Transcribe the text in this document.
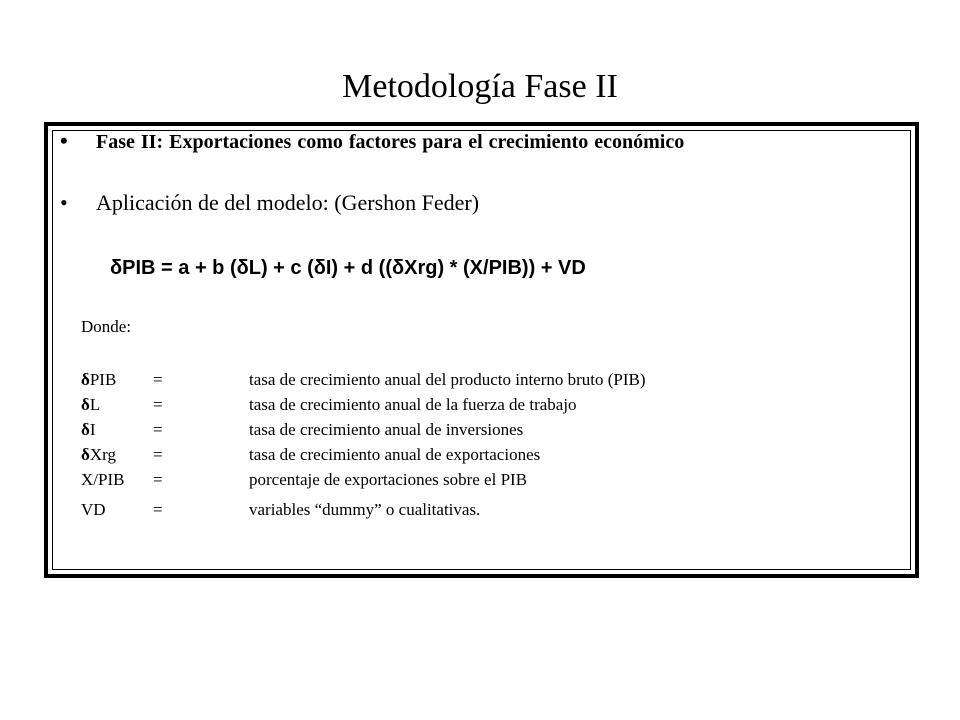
Metodología Fase II
•	Fase II: Exportaciones como factores para el crecimiento económico
•	Aplicación de del modelo: (Gershon Feder)
δPIB = a + b (δL) + c (δI) + d ((δXrg) * (X/PIB)) + VD
Donde:
δPIB	=	tasa de crecimiento anual del producto interno bruto (PIB)
δL	=	tasa de crecimiento anual de la fuerza de trabajo
δI	=	tasa de crecimiento anual de inversiones
δXrg	=	tasa de crecimiento anual de exportaciones
X/PIB	=	porcentaje de exportaciones sobre el PIB
VD	=	variables “dummy” o cualitativas.
